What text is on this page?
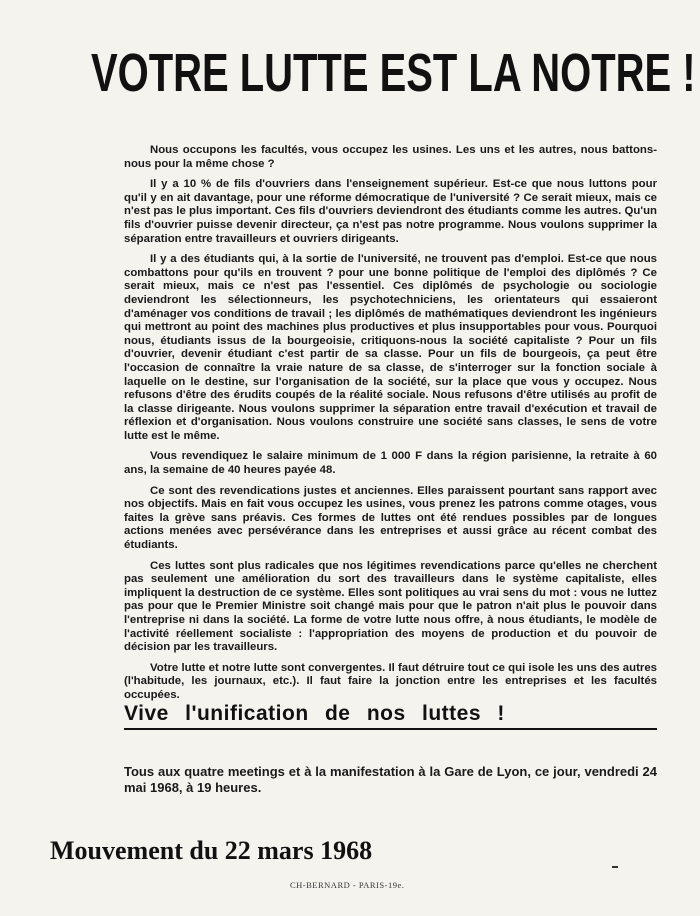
VOTRE LUTTE EST LA NOTRE !

Nous occupons les facultés, vous occupez les usines. Les uns et les autres, nous battons-nous pour la même chose ?

Il y a 10 % de fils d'ouvriers dans l'enseignement supérieur. Est-ce que nous luttons pour qu'il y en ait davantage, pour une réforme démocratique de l'université ? Ce serait mieux, mais ce n'est pas le plus important. Ces fils d'ouvriers deviendront des étudiants comme les autres. Qu'un fils d'ouvrier puisse devenir directeur, ça n'est pas notre programme. Nous voulons supprimer la séparation entre travailleurs et ouvriers dirigeants.

Il y a des étudiants qui, à la sortie de l'université, ne trouvent pas d'emploi. Est-ce que nous combattons pour qu'ils en trouvent ? pour une bonne politique de l'emploi des diplômés ? Ce serait mieux, mais ce n'est pas l'essentiel. Ces diplômés de psychologie ou sociologie deviendront les sélectionneurs, les psychotechniciens, les orientateurs qui essaieront d'aménager vos conditions de travail ; les diplômés de mathématiques deviendront les ingénieurs qui mettront au point des machines plus productives et plus insupportables pour vous. Pourquoi nous, étudiants issus de la bourgeoisie, critiquons-nous la société capitaliste ? Pour un fils d'ouvrier, devenir étudiant c'est partir de sa classe. Pour un fils de bourgeois, ça peut être l'occasion de connaître la vraie nature de sa classe, de s'interroger sur la fonction sociale à laquelle on le destine, sur l'organisation de la société, sur la place que vous y occupez. Nous refusons d'être des érudits coupés de la réalité sociale. Nous refusons d'être utilisés au profit de la classe dirigeante. Nous voulons supprimer la séparation entre travail d'exécution et travail de réflexion et d'organisation. Nous voulons construire une société sans classes, le sens de votre lutte est le même.

Vous revendiquez le salaire minimum de 1 000 F dans la région parisienne, la retraite à 60 ans, la semaine de 40 heures payée 48.

Ce sont des revendications justes et anciennes. Elles paraissent pourtant sans rapport avec nos objectifs. Mais en fait vous occupez les usines, vous prenez les patrons comme otages, vous faites la grève sans préavis. Ces formes de luttes ont été rendues possibles par de longues actions menées avec persévérance dans les entreprises et aussi grâce au récent combat des étudiants.

Ces luttes sont plus radicales que nos légitimes revendications parce qu'elles ne cherchent pas seulement une amélioration du sort des travailleurs dans le système capitaliste, elles impliquent la destruction de ce système. Elles sont politiques au vrai sens du mot : vous ne luttez pas pour que le Premier Ministre soit changé mais pour que le patron n'ait plus le pouvoir dans l'entreprise ni dans la société. La forme de votre lutte nous offre, à nous étudiants, le modèle de l'activité réellement socialiste : l'appropriation des moyens de production et du pouvoir de décision par les travailleurs.

Votre lutte et notre lutte sont convergentes. Il faut détruire tout ce qui isole les uns des autres (l'habitude, les journaux, etc.). Il faut faire la jonction entre les entreprises et les facultés occupées.

Vive l'unification de nos luttes !
Tous aux quatre meetings et à la manifestation à la Gare de Lyon, ce jour, vendredi 24 mai 1968, à 19 heures.
Mouvement du 22 mars 1968
CH-BERNARD - PARIS-19e.
